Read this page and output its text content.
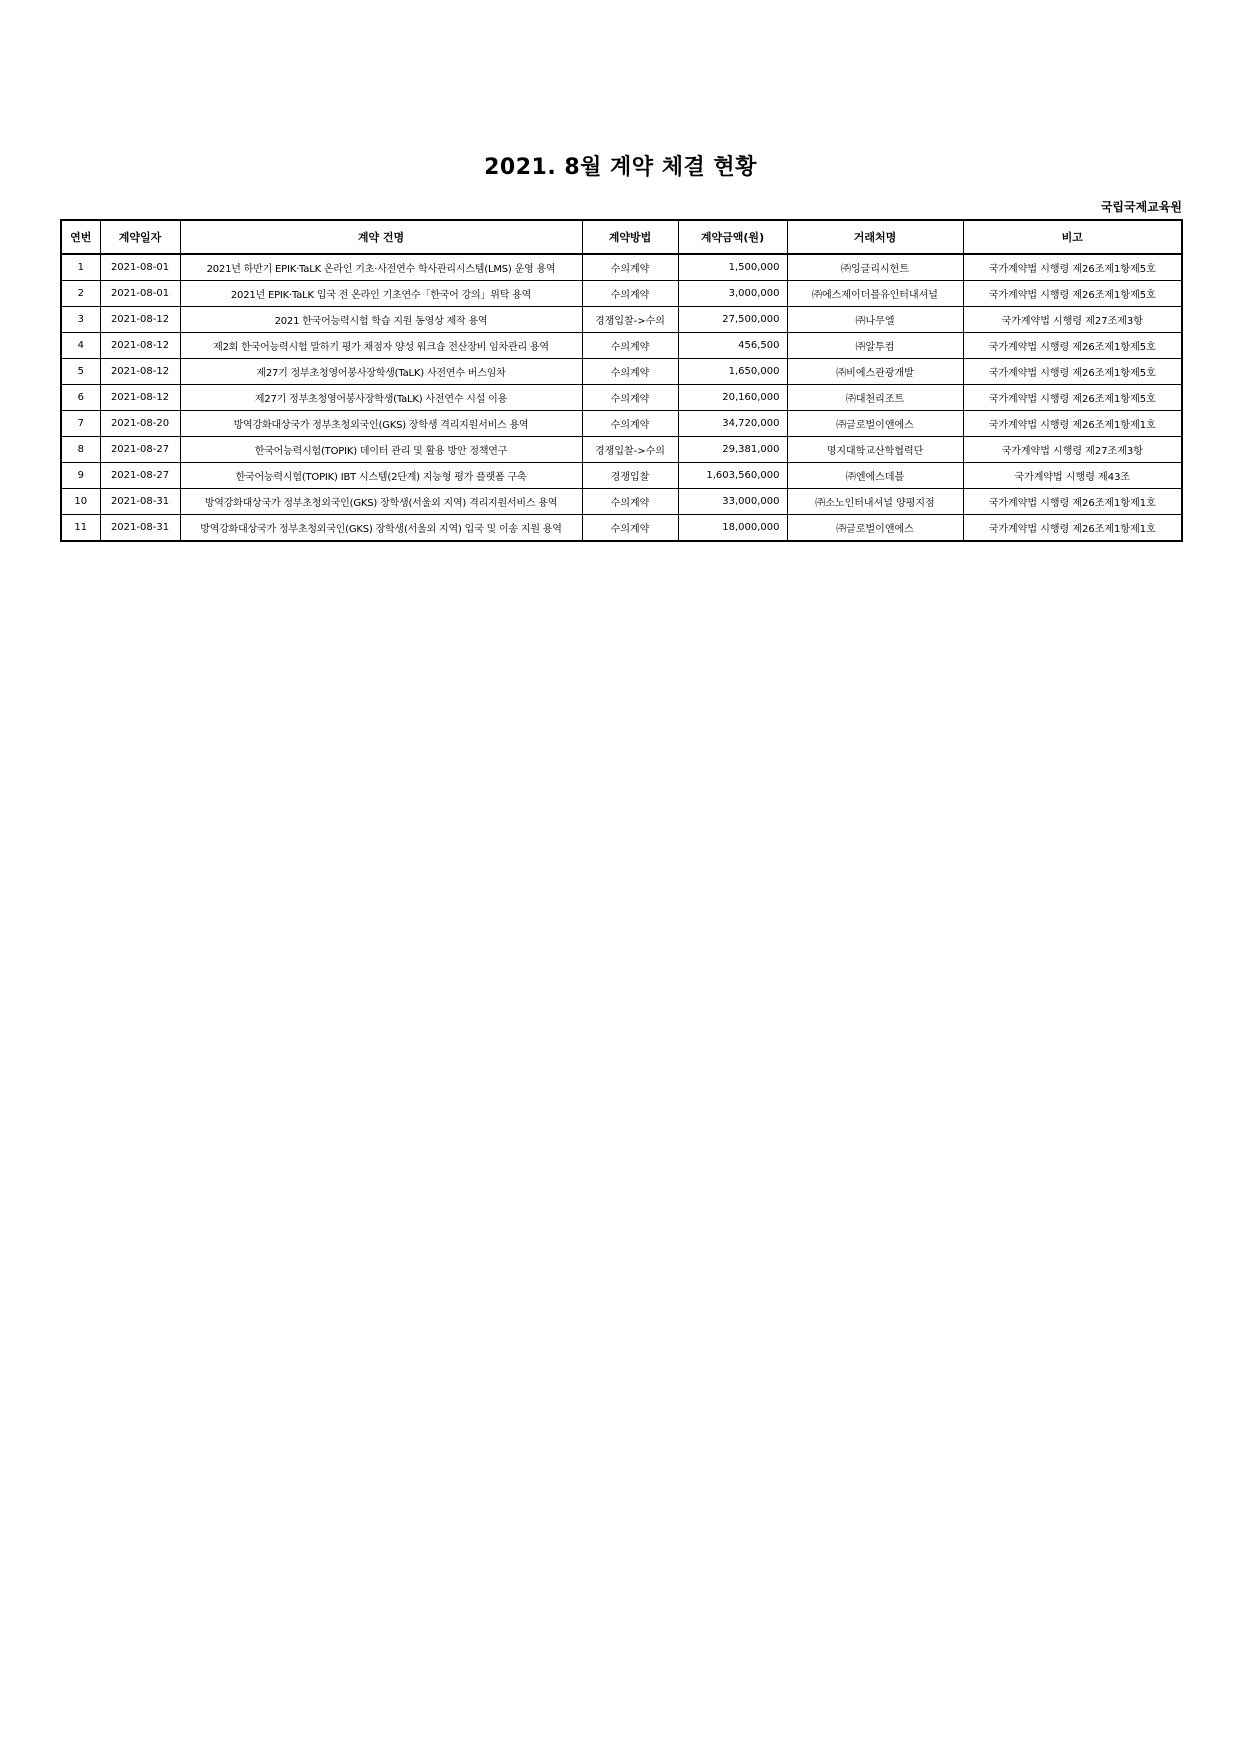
2021. 8월 계약 체결 현황
국립국제교육원
연번	계약일자	계약 건명	계약방법	계약금액(원)	거래처명	비고
1	2021-08-01	2021년 하반기 EPIK·TaLK 온라인 기초·사전연수 학사관리시스템(LMS) 운영 용역	수의계약	1,500,000	㈜잉글리시헌트	국가계약법 시행령 제26조제1항제5호
2	2021-08-01	2021년 EPIK·TaLK 입국 전 온라인 기초연수「한국어 강의」위탁 용역	수의계약	3,000,000	㈜에스제이더블유인터내셔널	국가계약법 시행령 제26조제1항제5호
3	2021-08-12	2021 한국어능력시험 학습 지원 동영상 제작 용역	경쟁입찰->수의	27,500,000	㈜나무엘	국가계약법 시행령 제27조제3항
4	2021-08-12	제2회 한국어능력시험 말하기 평가 채점자 양성 워크숍 전산장비 임차관리 용역	수의계약	456,500	㈜알투컴	국가계약법 시행령 제26조제1항제5호
5	2021-08-12	제27기 정부초청영어봉사장학생(TaLK) 사전연수 버스임차	수의계약	1,650,000	㈜비에스관광개발	국가계약법 시행령 제26조제1항제5호
6	2021-08-12	제27기 정부초청영어봉사장학생(TaLK) 사전연수 시설 이용	수의계약	20,160,000	㈜대천리조트	국가계약법 시행령 제26조제1항제5호
7	2021-08-20	방역강화대상국가 정부초청외국인(GKS) 장학생 격리지원서비스 용역	수의계약	34,720,000	㈜글로벌이앤에스	국가계약법 시행령 제26조제1항제1호
8	2021-08-27	한국어능력시험(TOPIK) 데이터 관리 및 활용 방안 정책연구	경쟁입찰->수의	29,381,000	명지대학교산학협력단	국가계약법 시행령 제27조제3항
9	2021-08-27	한국어능력시험(TOPIK) IBT 시스템(2단계) 지능형 평가 플랫폼 구축	경쟁입찰	1,603,560,000	㈜엔에스데블	국가계약법 시행령 제43조
10	2021-08-31	방역강화대상국가 정부초청외국인(GKS) 장학생(서울외 지역) 격리지원서비스 용역	수의계약	33,000,000	㈜소노인터내셔널 양평지점	국가계약법 시행령 제26조제1항제1호
11	2021-08-31	방역강화대상국가 정부초청외국인(GKS) 장학생(서울외 지역) 입국 및 이송 지원 용역	수의계약	18,000,000	㈜글로벌이앤에스	국가계약법 시행령 제26조제1항제1호
